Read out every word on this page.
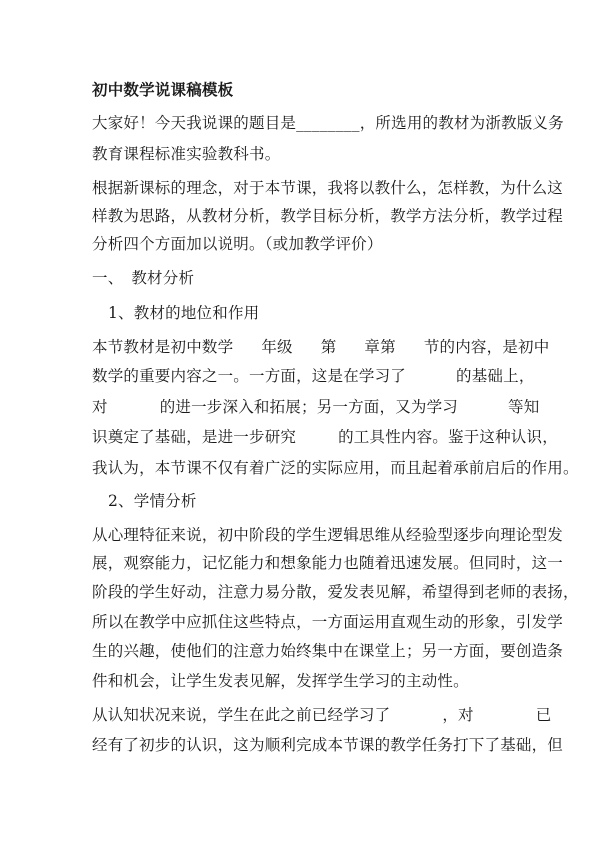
初中数学说课稿模板
大家好！今天我说课的题目是________，所选用的教材为浙教版义务
教育课程标准实验教科书。
根据新课标的理念，对于本节课，我将以教什么，怎样教，为什么这
样教为思路，从教材分析，教学目标分析，教学方法分析，教学过程
分析四个方面加以说明。（或加教学评价）
一、　教材分析
1、教材的地位和作用
本节教材是初中数学 年级 第 章第 节的内容，是初中
数学的重要内容之一。一方面，这是在学习了	的基础上，
对	的进一步深入和拓展；另一方面，又为学习	等知
识奠定了基础，是进一步研究	的工具性内容。鉴于这种认识，
我认为，本节课不仅有着广泛的实际应用，而且起着承前启后的作用。
2、学情分析
从心理特征来说，初中阶段的学生逻辑思维从经验型逐步向理论型发
展，观察能力，记忆能力和想象能力也随着迅速发展。但同时，这一
阶段的学生好动，注意力易分散，爱发表见解，希望得到老师的表扬，
所以在教学中应抓住这些特点，一方面运用直观生动的形象，引发学
生的兴趣，使他们的注意力始终集中在课堂上；另一方面，要创造条
件和机会，让学生发表见解，发挥学生学习的主动性。
从认知状况来说，学生在此之前已经学习了	，对	已
经有了初步的认识，这为顺利完成本节课的教学任务打下了基础，但
